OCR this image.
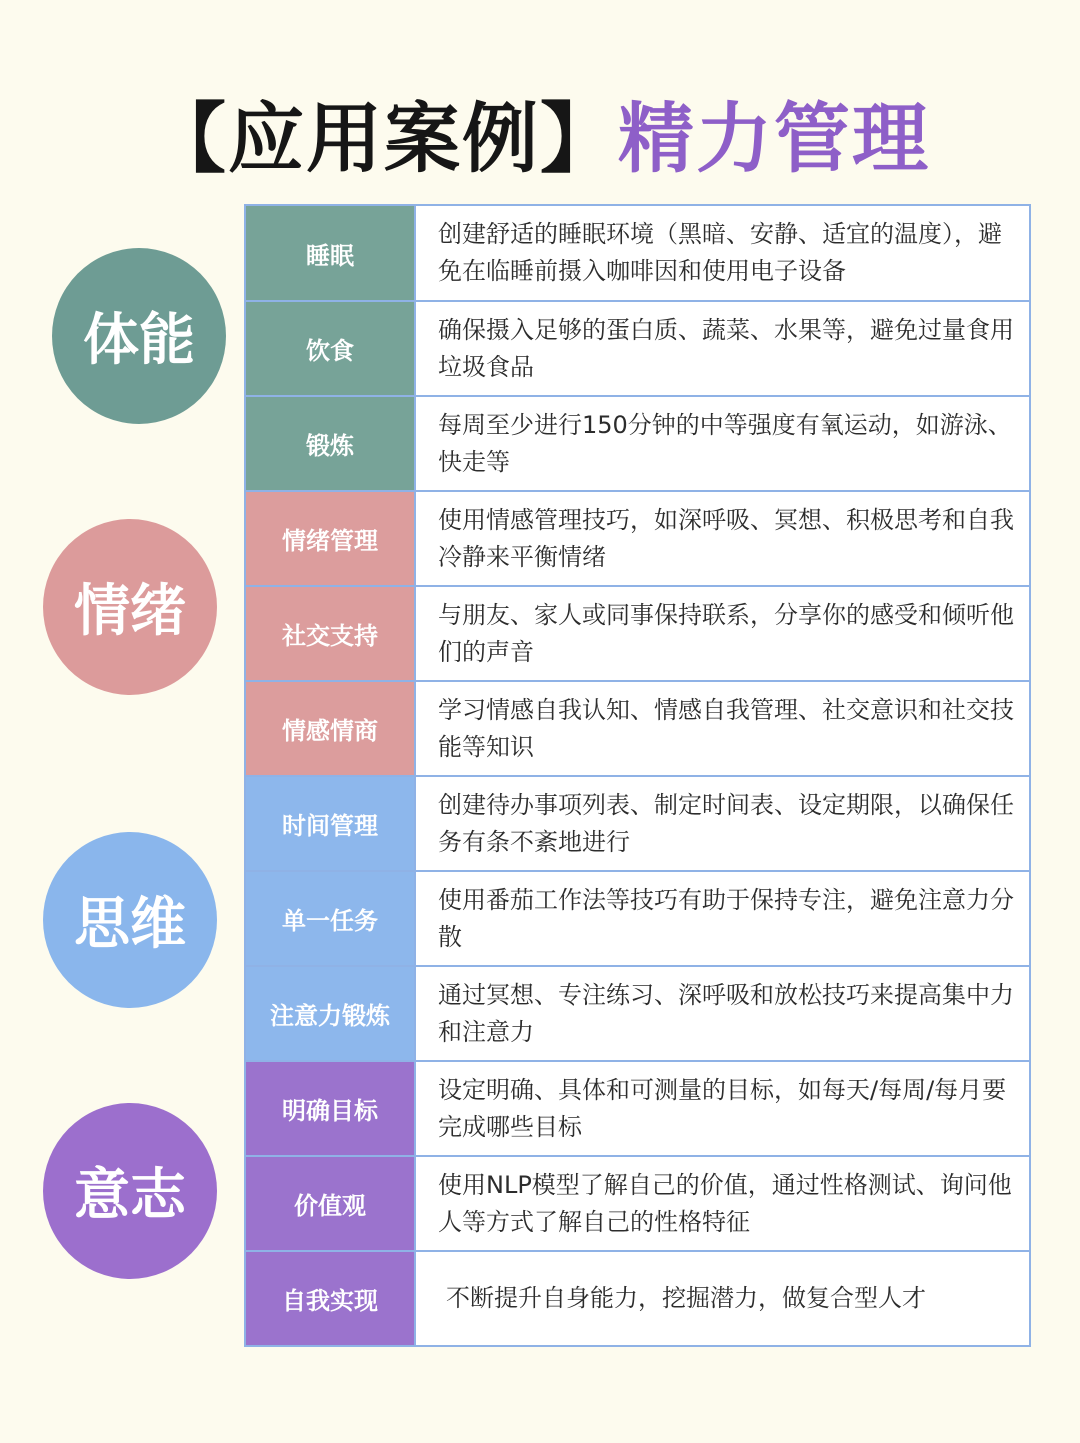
【应用案例】精力管理
体能
情绪
思维
意志
睡眠
创建舒适的睡眠环境（黑暗、安静、适宜的温度），避免在临睡前摄入咖啡因和使用电子设备
饮食
确保摄入足够的蛋白质、蔬菜、水果等，避免过量食用垃圾食品
锻炼
每周至少进行150分钟的中等强度有氧运动，如游泳、快走等
情绪管理
使用情感管理技巧，如深呼吸、冥想、积极思考和自我冷静来平衡情绪
社交支持
与朋友、家人或同事保持联系，分享你的感受和倾听他们的声音
情感情商
学习情感自我认知、情感自我管理、社交意识和社交技能等知识
时间管理
创建待办事项列表、制定时间表、设定期限，以确保任务有条不紊地进行
单一任务
使用番茄工作法等技巧有助于保持专注，避免注意力分散
注意力锻炼
通过冥想、专注练习、深呼吸和放松技巧来提高集中力和注意力
明确目标
设定明确、具体和可测量的目标，如每天/每周/每月要完成哪些目标
价值观
使用NLP模型了解自己的价值，通过性格测试、询问他人等方式了解自己的性格特征
自我实现	不断提升自身能力，挖掘潜力，做复合型人才
